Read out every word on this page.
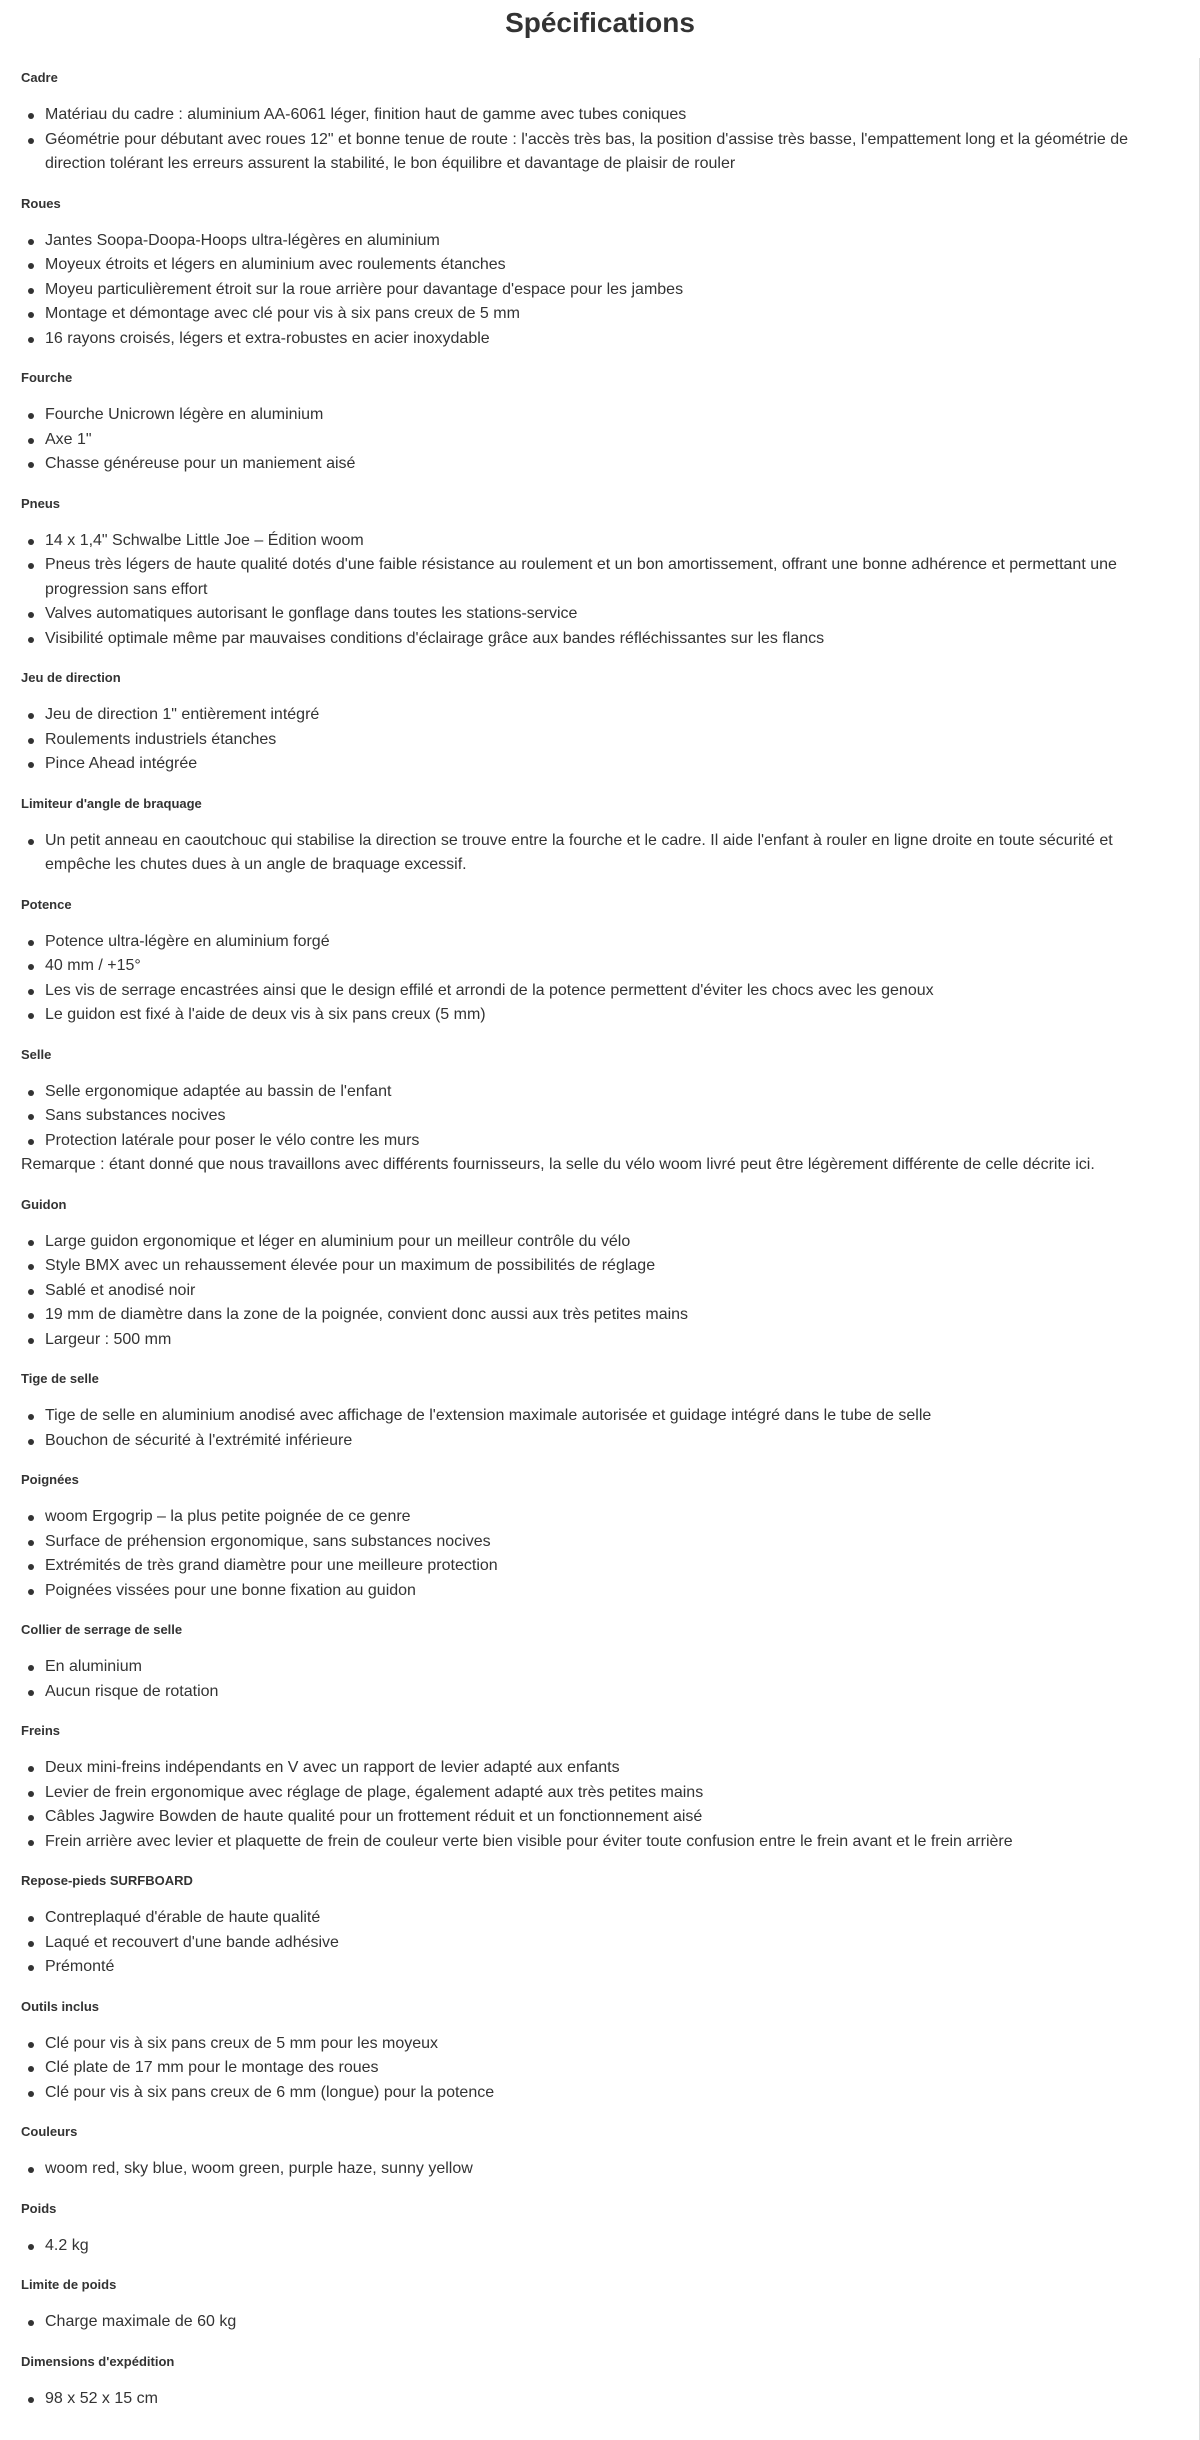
Spécifications
Cadre
Matériau du cadre : aluminium AA-6061 léger, finition haut de gamme avec tubes coniques
Géométrie pour débutant avec roues 12" et bonne tenue de route : l'accès très bas, la position d'assise très basse, l'empattement long et la géométrie de direction tolérant les erreurs assurent la stabilité, le bon équilibre et davantage de plaisir de rouler
Roues
Jantes Soopa-Doopa-Hoops ultra-légères en aluminium
Moyeux étroits et légers en aluminium avec roulements étanches
Moyeu particulièrement étroit sur la roue arrière pour davantage d'espace pour les jambes
Montage et démontage avec clé pour vis à six pans creux de 5 mm
16 rayons croisés, légers et extra-robustes en acier inoxydable
Fourche
Fourche Unicrown légère en aluminium
Axe 1"
Chasse généreuse pour un maniement aisé
Pneus
14 x 1,4" Schwalbe Little Joe – Édition woom
Pneus très légers de haute qualité dotés d'une faible résistance au roulement et un bon amortissement, offrant une bonne adhérence et permettant une progression sans effort
Valves automatiques autorisant le gonflage dans toutes les stations-service
Visibilité optimale même par mauvaises conditions d'éclairage grâce aux bandes réfléchissantes sur les flancs
Jeu de direction
Jeu de direction 1" entièrement intégré
Roulements industriels étanches
Pince Ahead intégrée
Limiteur d'angle de braquage
Un petit anneau en caoutchouc qui stabilise la direction se trouve entre la fourche et le cadre. Il aide l'enfant à rouler en ligne droite en toute sécurité et empêche les chutes dues à un angle de braquage excessif.
Potence
Potence ultra-légère en aluminium forgé
40 mm / +15°
Les vis de serrage encastrées ainsi que le design effilé et arrondi de la potence permettent d'éviter les chocs avec les genoux
Le guidon est fixé à l'aide de deux vis à six pans creux (5 mm)
Selle
Selle ergonomique adaptée au bassin de l'enfant
Sans substances nocives
Protection latérale pour poser le vélo contre les murs

Remarque : étant donné que nous travaillons avec différents fournisseurs, la selle du vélo woom livré peut être légèrement différente de celle décrite ici.

Guidon
Large guidon ergonomique et léger en aluminium pour un meilleur contrôle du vélo
Style BMX avec un rehaussement élevée pour un maximum de possibilités de réglage
Sablé et anodisé noir
19 mm de diamètre dans la zone de la poignée, convient donc aussi aux très petites mains
Largeur : 500 mm
Tige de selle
Tige de selle en aluminium anodisé avec affichage de l'extension maximale autorisée et guidage intégré dans le tube de selle
Bouchon de sécurité à l'extrémité inférieure
Poignées
woom Ergogrip – la plus petite poignée de ce genre
Surface de préhension ergonomique, sans substances nocives
Extrémités de très grand diamètre pour une meilleure protection
Poignées vissées pour une bonne fixation au guidon
Collier de serrage de selle
En aluminium
Aucun risque de rotation
Freins
Deux mini-freins indépendants en V avec un rapport de levier adapté aux enfants
Levier de frein ergonomique avec réglage de plage, également adapté aux très petites mains
Câbles Jagwire Bowden de haute qualité pour un frottement réduit et un fonctionnement aisé
Frein arrière avec levier et plaquette de frein de couleur verte bien visible pour éviter toute confusion entre le frein avant et le frein arrière
Repose-pieds SURFBOARD
Contreplaqué d'érable de haute qualité
Laqué et recouvert d'une bande adhésive
Prémonté
Outils inclus
Clé pour vis à six pans creux de 5 mm pour les moyeux
Clé plate de 17 mm pour le montage des roues
Clé pour vis à six pans creux de 6 mm (longue) pour la potence
Couleurs
woom red, sky blue, woom green, purple haze, sunny yellow
Poids
4.2 kg
Limite de poids
Charge maximale de 60 kg
Dimensions d'expédition
98 x 52 x 15 cm
